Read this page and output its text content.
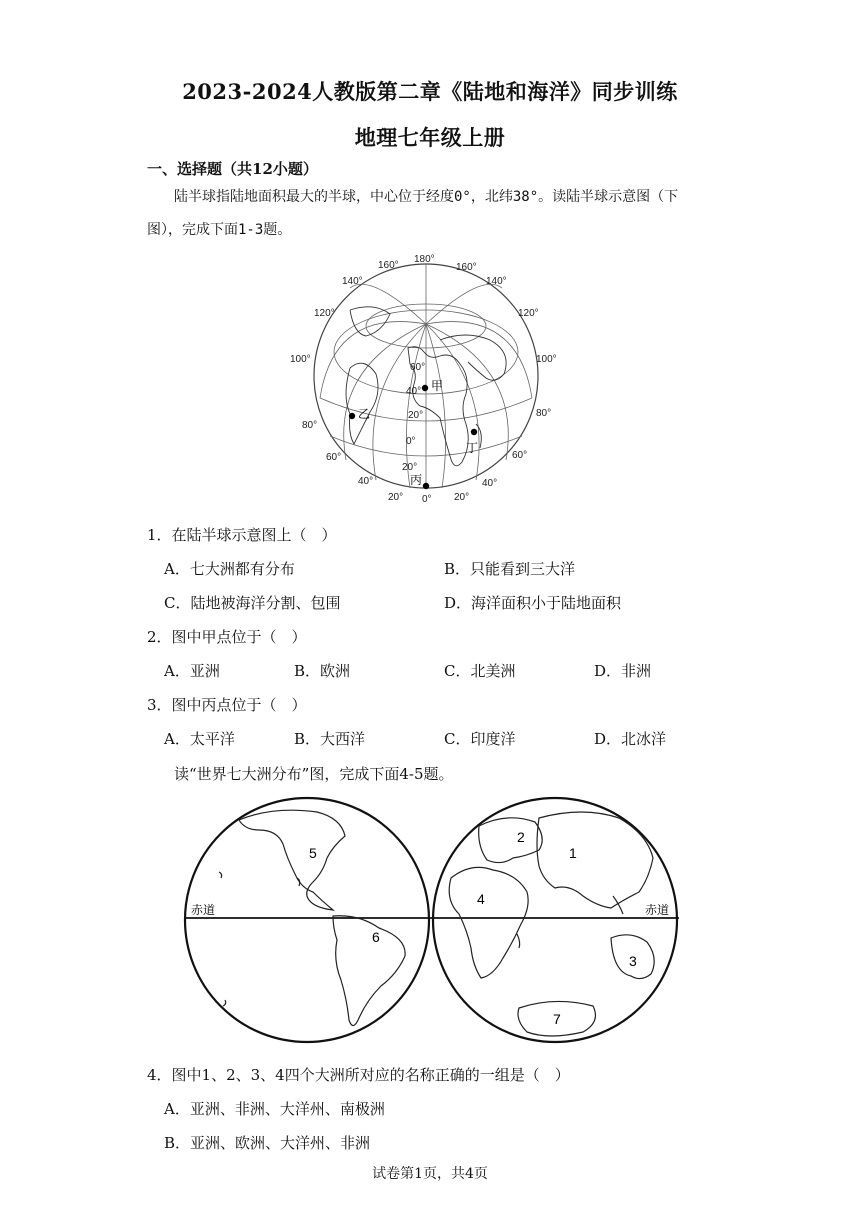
2023-2024人教版第二章《陆地和海洋》同步训练
地理七年级上册
一、选择题（共12小题）
陆半球指陆地面积最大的半球，中心位于经度0°，北纬38°。读陆半球示意图（下
图），完成下面1-3题。
160°
180°
160°
140°
120°
100°
80°
60°
40°
20°
140°
120°
100°
80°
60°
40°
20°
60°
40°
20°
0°
20°
0°
甲
乙
丙
丁
1．在陆半球示意图上（　）
A．七大洲都有分布	B．只能看到三大洋
C．陆地被海洋分割、包围	D．海洋面积小于陆地面积
2．图中甲点位于（　）
A．亚洲	B．欧洲	C．北美洲	D．非洲
3．图中丙点位于（　）
A．太平洋	B．大西洋	C．印度洋	D．北冰洋
读“世界七大洲分布”图，完成下面4-5题。
1
2
3
4
5
6
7
赤道	赤道
4．图中1、2、3、4四个大洲所对应的名称正确的一组是（　）
A．亚洲、非洲、大洋州、南极洲
B．亚洲、欧洲、大洋州、非洲
试卷第1页，共4页
